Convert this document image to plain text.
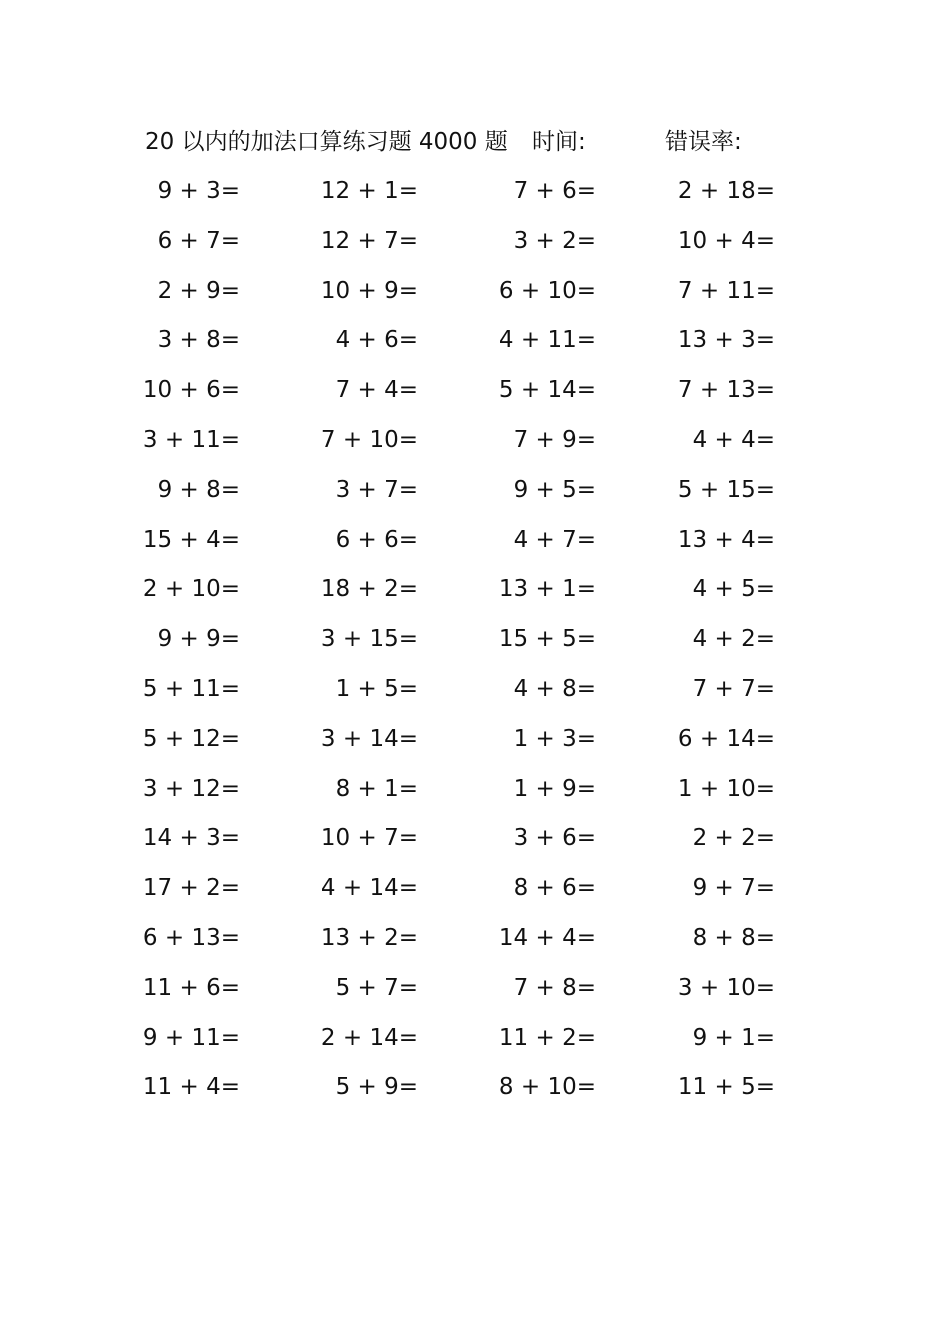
20 以内的加法口算练习题 4000 题 时间:	错误率:
9 + 3=	12 + 1=	7 + 6=	2 + 18=
6 + 7=	12 + 7=	3 + 2=	10 + 4=
2 + 9=	10 + 9=	6 + 10=	7 + 11=
3 + 8=	4 + 6=	4 + 11=	13 + 3=
10 + 6=	7 + 4=	5 + 14=	7 + 13=
3 + 11=	7 + 10=	7 + 9=	4 + 4=
9 + 8=	3 + 7=	9 + 5=	5 + 15=
15 + 4=	6 + 6=	4 + 7=	13 + 4=
2 + 10=	18 + 2=	13 + 1=	4 + 5=
9 + 9=	3 + 15=	15 + 5=	4 + 2=
5 + 11=	1 + 5=	4 + 8=	7 + 7=
5 + 12=	3 + 14=	1 + 3=	6 + 14=
3 + 12=	8 + 1=	1 + 9=	1 + 10=
14 + 3=	10 + 7=	3 + 6=	2 + 2=
17 + 2=	4 + 14=	8 + 6=	9 + 7=
6 + 13=	13 + 2=	14 + 4=	8 + 8=
11 + 6=	5 + 7=	7 + 8=	3 + 10=
9 + 11=	2 + 14=	11 + 2=	9 + 1=
11 + 4=	5 + 9=	8 + 10=	11 + 5=
